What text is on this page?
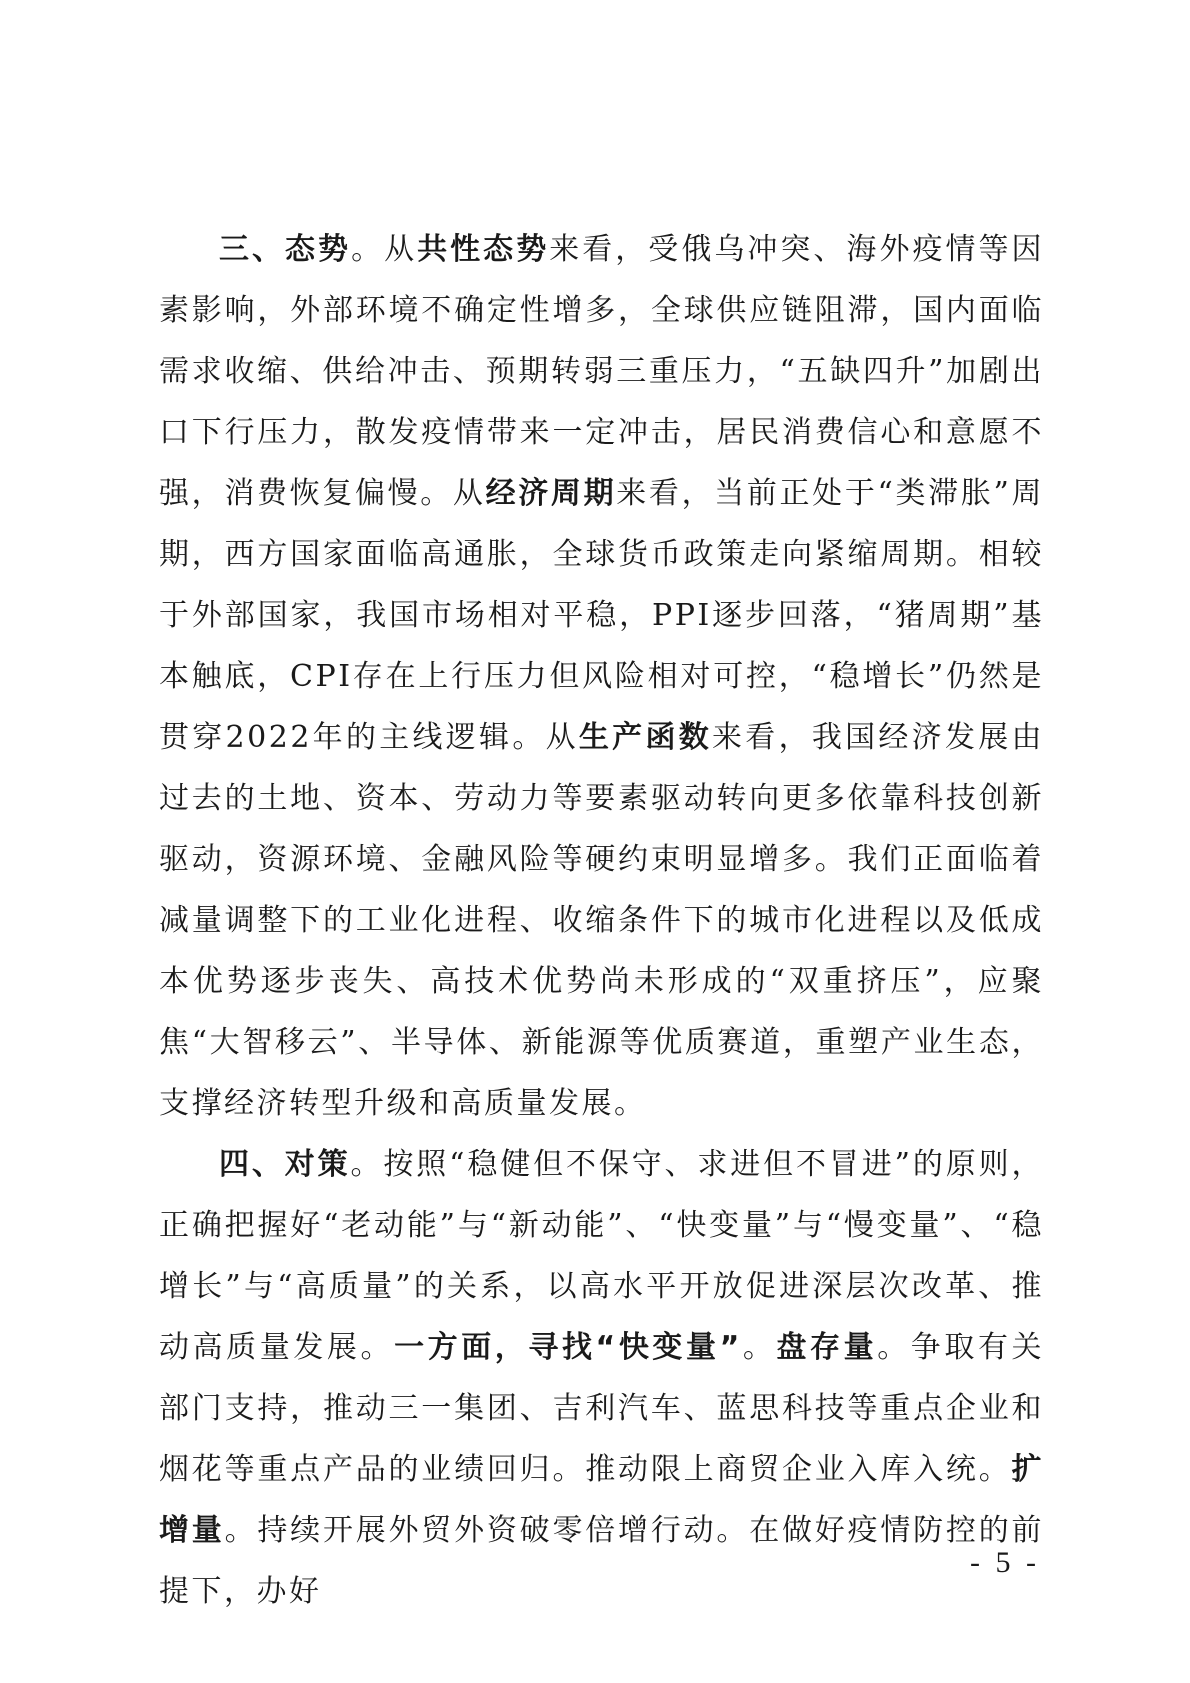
三、态势。从共性态势来看，受俄乌冲突、海外疫情等因素影响，外部环境不确定性增多，全球供应链阻滞，国内面临需求收缩、供给冲击、预期转弱三重压力，“五缺四升”加剧出口下行压力，散发疫情带来一定冲击，居民消费信心和意愿不强，消费恢复偏慢。从经济周期来看，当前正处于“类滞胀”周期，西方国家面临高通胀，全球货币政策走向紧缩周期。相较于外部国家，我国市场相对平稳，PPI逐步回落，“猪周期”基本触底，CPI存在上行压力但风险相对可控，“稳增长”仍然是贯穿2022年的主线逻辑。从生产函数来看，我国经济发展由过去的土地、资本、劳动力等要素驱动转向更多依靠科技创新驱动，资源环境、金融风险等硬约束明显增多。我们正面临着减量调整下的工业化进程、收缩条件下的城市化进程以及低成本优势逐步丧失、高技术优势尚未形成的“双重挤压”，应聚焦“大智移云”、半导体、新能源等优质赛道，重塑产业生态，支撑经济转型升级和高质量发展。

四、对策。按照“稳健但不保守、求进但不冒进”的原则，正确把握好“老动能”与“新动能”、“快变量”与“慢变量”、“稳增长”与“高质量”的关系，以高水平开放促进深层次改革、推动高质量发展。一方面，寻找“快变量”。盘存量。争取有关部门支持，推动三一集团、吉利汽车、蓝思科技等重点企业和烟花等重点产品的业绩回归。推动限上商贸企业入库入统。扩增量。持续开展外贸外资破零倍增行动。在做好疫情防控的前提下，办好

- 5 -
